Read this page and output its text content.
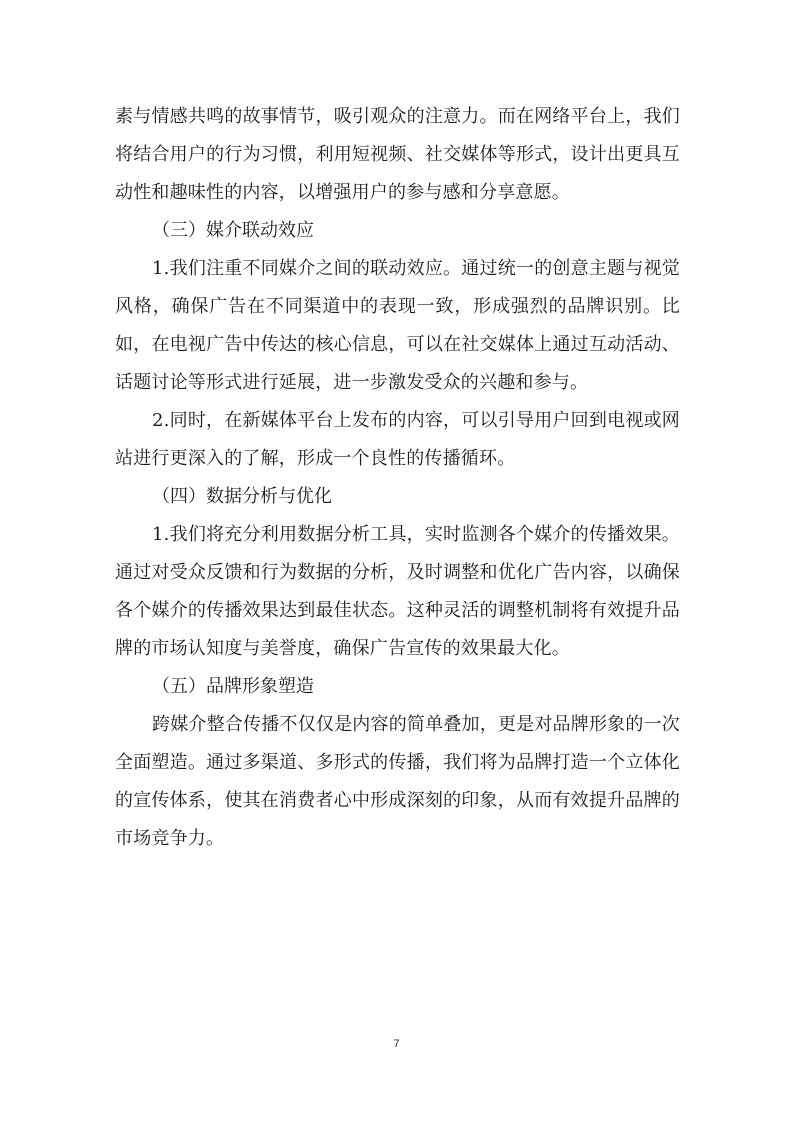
素与情感共鸣的故事情节，吸引观众的注意力。而在网络平台上，我们将结合用户的行为习惯，利用短视频、社交媒体等形式，设计出更具互动性和趣味性的内容，以增强用户的参与感和分享意愿。

（三）媒介联动效应

1.我们注重不同媒介之间的联动效应。通过统一的创意主题与视觉风格，确保广告在不同渠道中的表现一致，形成强烈的品牌识别。比如，在电视广告中传达的核心信息，可以在社交媒体上通过互动活动、话题讨论等形式进行延展，进一步激发受众的兴趣和参与。

2.同时，在新媒体平台上发布的内容，可以引导用户回到电视或网站进行更深入的了解，形成一个良性的传播循环。

（四）数据分析与优化

1.我们将充分利用数据分析工具，实时监测各个媒介的传播效果。通过对受众反馈和行为数据的分析，及时调整和优化广告内容，以确保各个媒介的传播效果达到最佳状态。这种灵活的调整机制将有效提升品牌的市场认知度与美誉度，确保广告宣传的效果最大化。

（五）品牌形象塑造

跨媒介整合传播不仅仅是内容的简单叠加，更是对品牌形象的一次全面塑造。通过多渠道、多形式的传播，我们将为品牌打造一个立体化的宣传体系，使其在消费者心中形成深刻的印象，从而有效提升品牌的市场竞争力。

7
